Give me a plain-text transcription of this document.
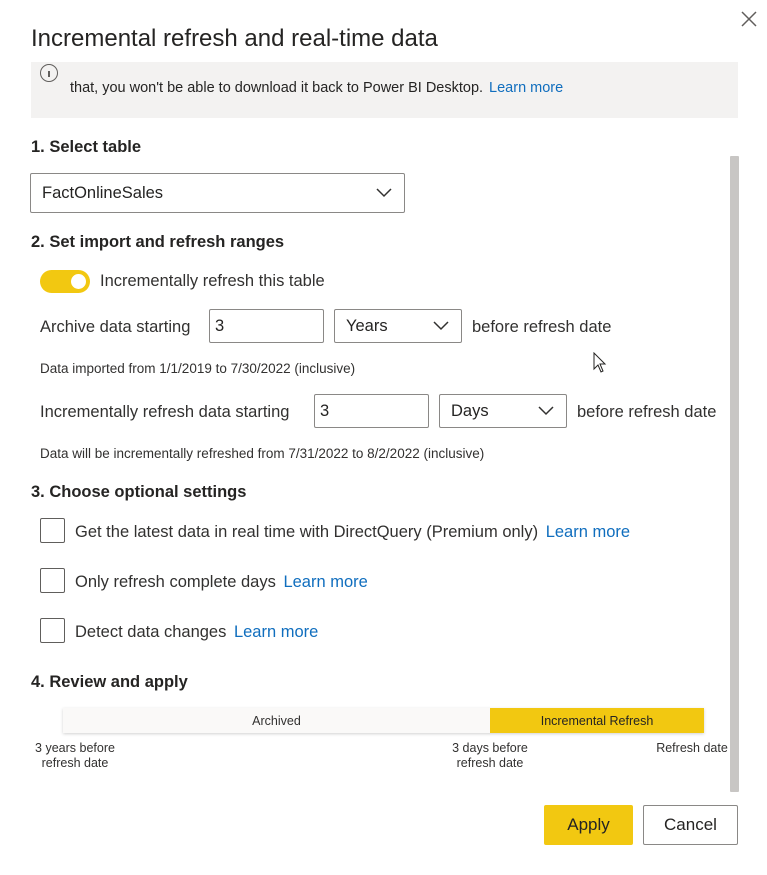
Incremental refresh and real-time data
that, you won't be able to download it back to Power BI Desktop. Learn more
1. Select table
FactOnlineSales
2. Set import and refresh ranges
Incrementally refresh this table
Archive data starting 3	Years	before refresh date
Data imported from 1/1/2019 to 7/30/2022 (inclusive)
Incrementally refresh data starting 3	Days	before refresh date
Data will be incrementally refreshed from 7/31/2022 to 8/2/2022 (inclusive)
3. Choose optional settings
Get the latest data in real time with DirectQuery (Premium only) Learn more
Only refresh complete days Learn more
Detect data changes Learn more
4. Review and apply
Archived	Incremental Refresh
3 years before
refresh date
3 days before
refresh date
Refresh date
Apply	Cancel
